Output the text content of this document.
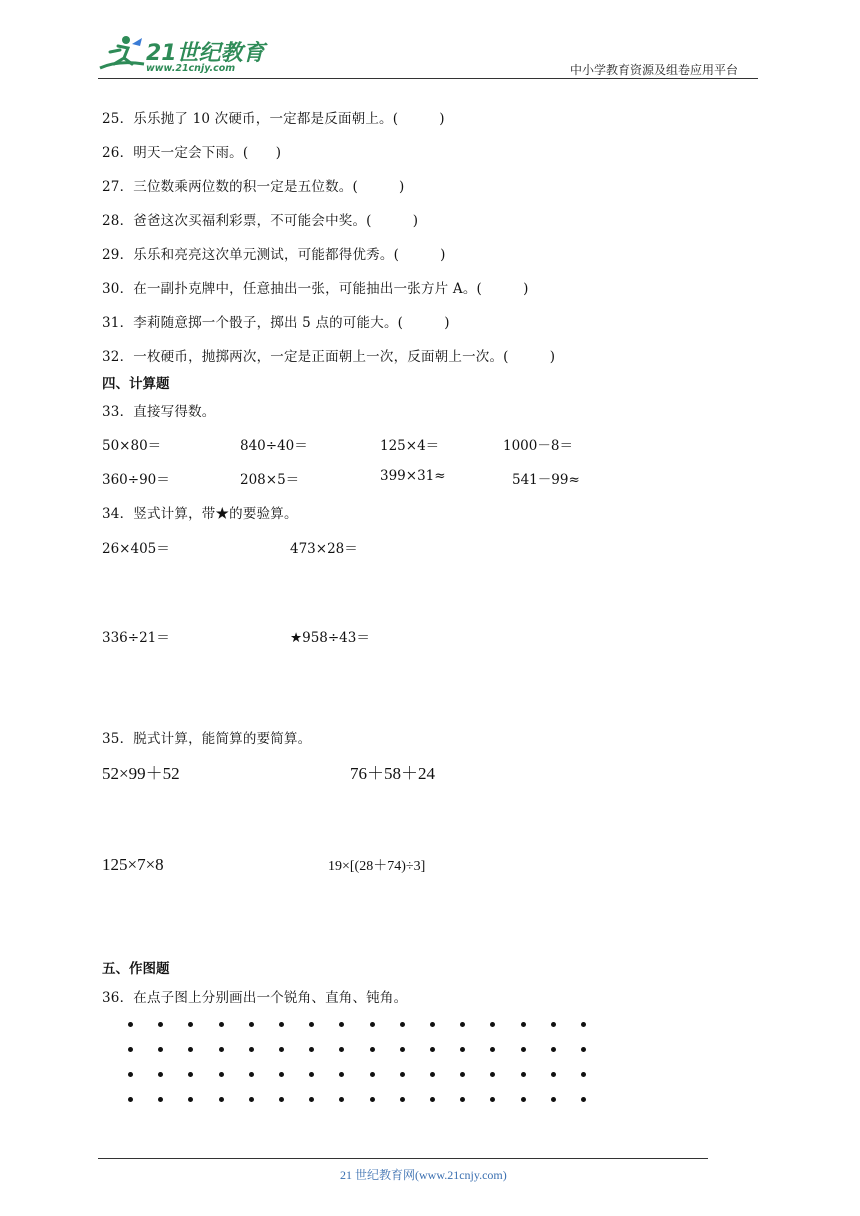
21世纪教育
www.21cnjy.com	中小学教育资源及组卷应用平台
25．乐乐抛了 10 次硬币，一定都是反面朝上。(　　　)
26．明天一定会下雨。(　　)
27．三位数乘两位数的积一定是五位数。(　　　)
28．爸爸这次买福利彩票，不可能会中奖。(　　　)
29．乐乐和亮亮这次单元测试，可能都得优秀。(　　　)
30．在一副扑克牌中，任意抽出一张，可能抽出一张方片 A。(　　　)
31．李莉随意掷一个骰子，掷出 5 点的可能大。(　　　)
32．一枚硬币，抛掷两次，一定是正面朝上一次，反面朝上一次。(　　　)
四、计算题
33．直接写得数。
50×80＝	840÷40＝	125×4＝	1000－8＝
360÷90＝	208×5＝	399×31≈	541－99≈
34．竖式计算，带★的要验算。
26×405＝	473×28＝
336÷21＝	★958÷43＝
35．脱式计算，能简算的要简算。
52×99＋52	76＋58＋24
125×7×8	19×[(28＋74)÷3]
五、作图题
36．在点子图上分别画出一个锐角、直角、钝角。
21 世纪教育网(www.21cnjy.com)
